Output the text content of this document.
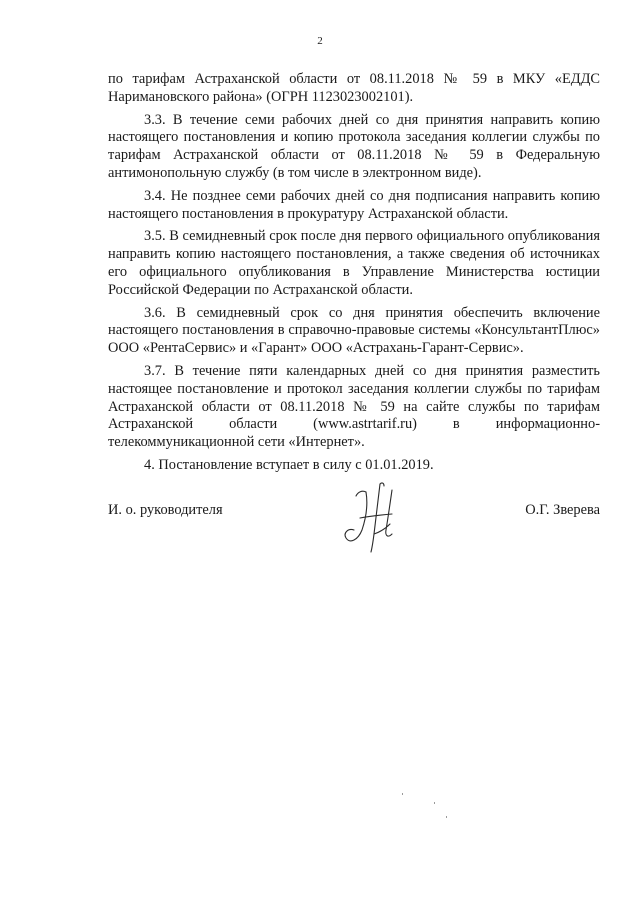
2

по тарифам Астраханской области от 08.11.2018 № 59 в МКУ «ЕДДС Наримановского района» (ОГРН 1123023002101).

3.3. В течение семи рабочих дней со дня принятия направить копию настоящего постановления и копию протокола заседания коллегии службы по тарифам Астраханской области от 08.11.2018 № 59 в Федеральную антимонопольную службу (в том числе в электронном виде).

3.4. Не позднее семи рабочих дней со дня подписания направить копию настоящего постановления в прокуратуру Астраханской области.

3.5. В семидневный срок после дня первого официального опубликования направить копию настоящего постановления, а также сведения об источниках его официального опубликования в Управление Министерства юстиции Российской Федерации по Астраханской области.

3.6. В семидневный срок со дня принятия обеспечить включение настоящего постановления в справочно-правовые системы «КонсультантПлюс» ООО «РентаСервис» и «Гарант» ООО «Астрахань-Гарант-Сервис».

3.7. В течение пяти календарных дней со дня принятия разместить настоящее постановление и протокол заседания коллегии службы по тарифам Астраханской области от 08.11.2018 № 59 на сайте службы по тарифам Астраханской области (www.astrtarif.ru) в информационно-телекоммуникационной сети «Интернет».

4. Постановление вступает в силу с 01.01.2019.

И. о. руководителя	О.Г. Зверева
